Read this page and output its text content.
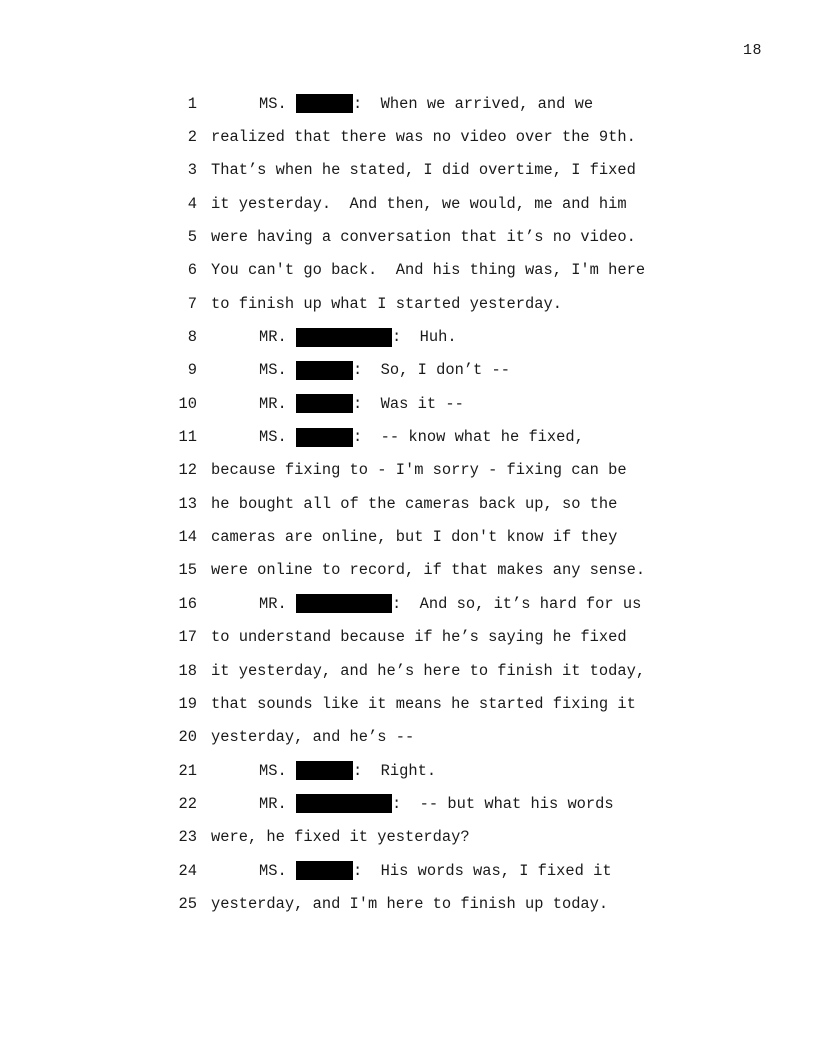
18
1	MS.
	:  When we arrived, and we
2 realized that there was no video over the 9th.
3 That’s when he stated, I did overtime, I fixed
4 it yesterday.  And then, we would, me and him
5 were having a conversation that it’s no video.
6 You can't go back.  And his thing was, I'm here
7 to finish up what I started yesterday.
8	MR.
	:  Huh.
9	MS.
	:  So, I don’t --
10	MR.
	:  Was it --
11	MS.
	:  -- know what he fixed,
12 because fixing to - I'm sorry - fixing can be
13 he bought all of the cameras back up, so the
14 cameras are online, but I don't know if they
15 were online to record, if that makes any sense.
16	MR.
	:  And so, it’s hard for us
17 to understand because if he’s saying he fixed
18 it yesterday, and he’s here to finish it today,
19 that sounds like it means he started fixing it
20 yesterday, and he’s --
21	MS.
	:  Right.
22	MR.
	:  -- but what his words
23 were, he fixed it yesterday?
24	MS.
	:  His words was, I fixed it
25 yesterday, and I'm here to finish up today.
